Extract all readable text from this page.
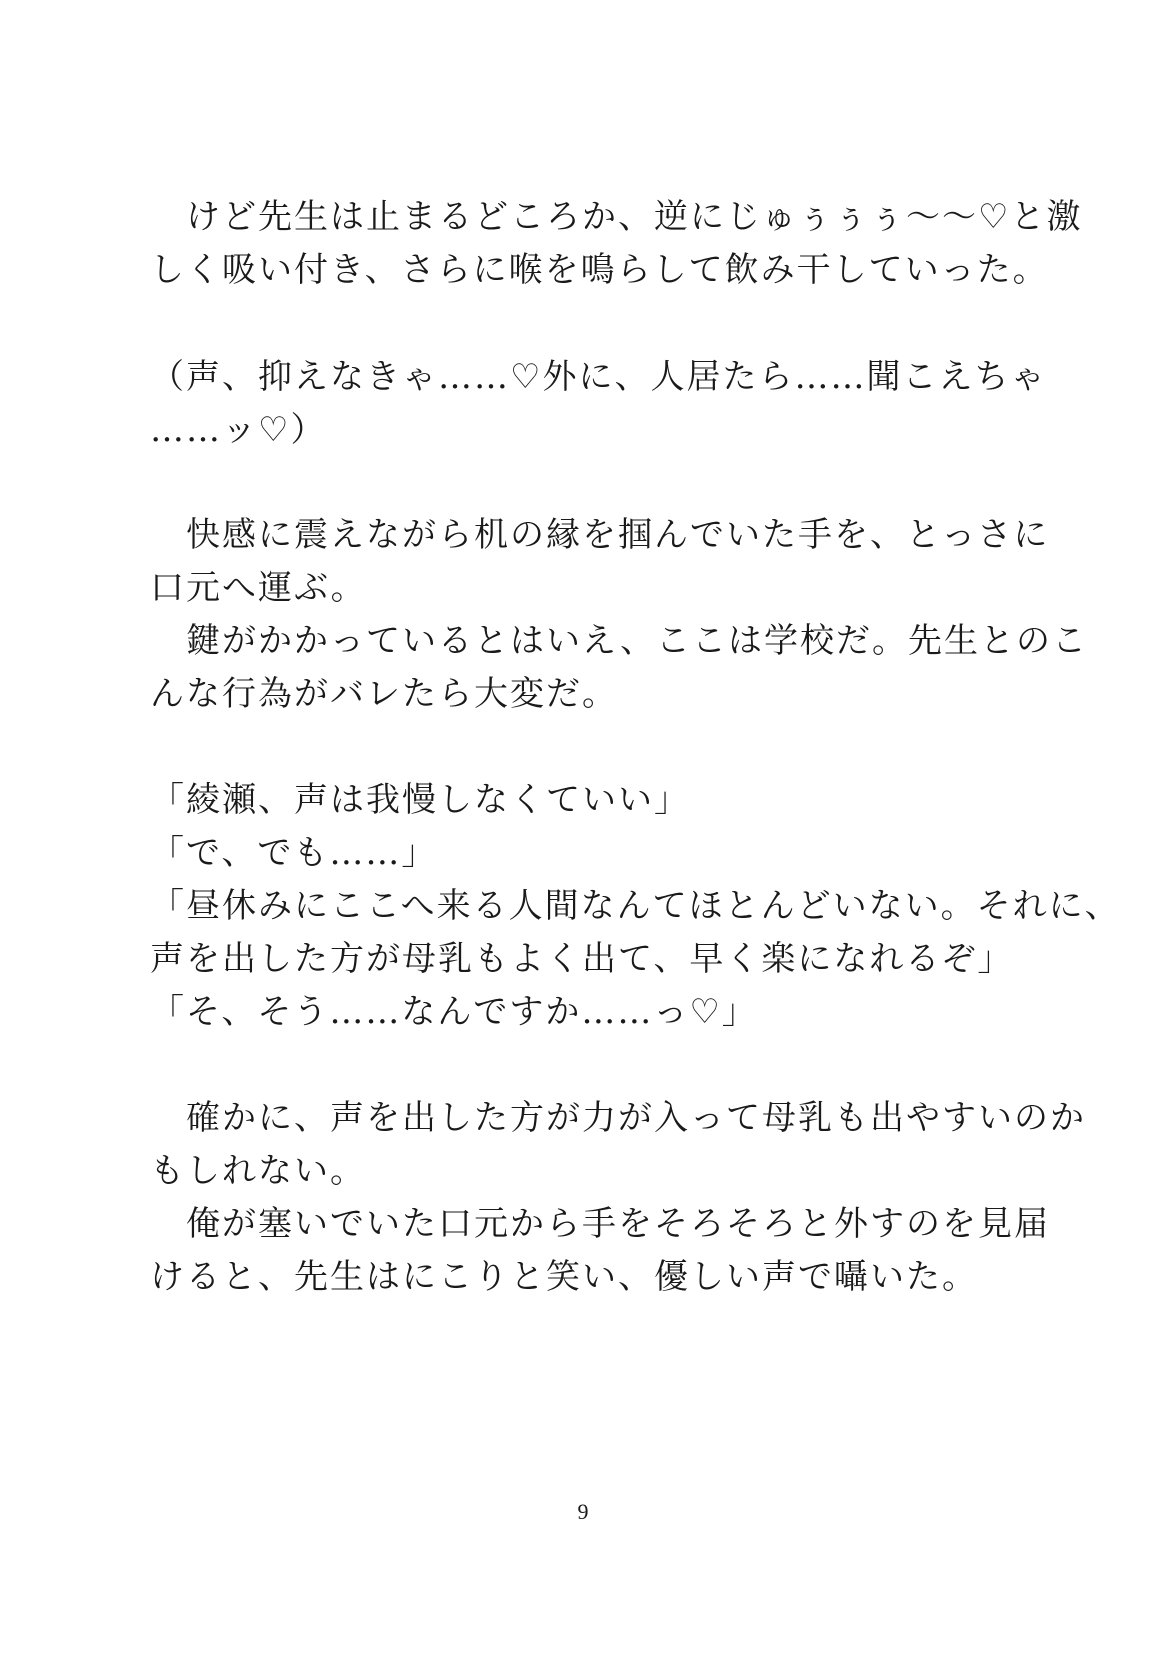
　けど先生は止まるどころか、逆にじゅぅぅぅ〜〜♡と激
しく吸い付き、さらに喉を鳴らして飲み干していった。
（声、抑えなきゃ……♡外に、人居たら……聞こえちゃ
……ッ♡）
　快感に震えながら机の縁を掴んでいた手を、とっさに
口元へ運ぶ。
　鍵がかかっているとはいえ、ここは学校だ。先生とのこ
んな行為がバレたら大変だ。
「綾瀬、声は我慢しなくていい」
「で、でも……」
「昼休みにここへ来る人間なんてほとんどいない。それに、
声を出した方が母乳もよく出て、早く楽になれるぞ」
「そ、そう……なんですか……っ♡」
　確かに、声を出した方が力が入って母乳も出やすいのか
もしれない。
　俺が塞いでいた口元から手をそろそろと外すのを見届
けると、先生はにこりと笑い、優しい声で囁いた。
9
